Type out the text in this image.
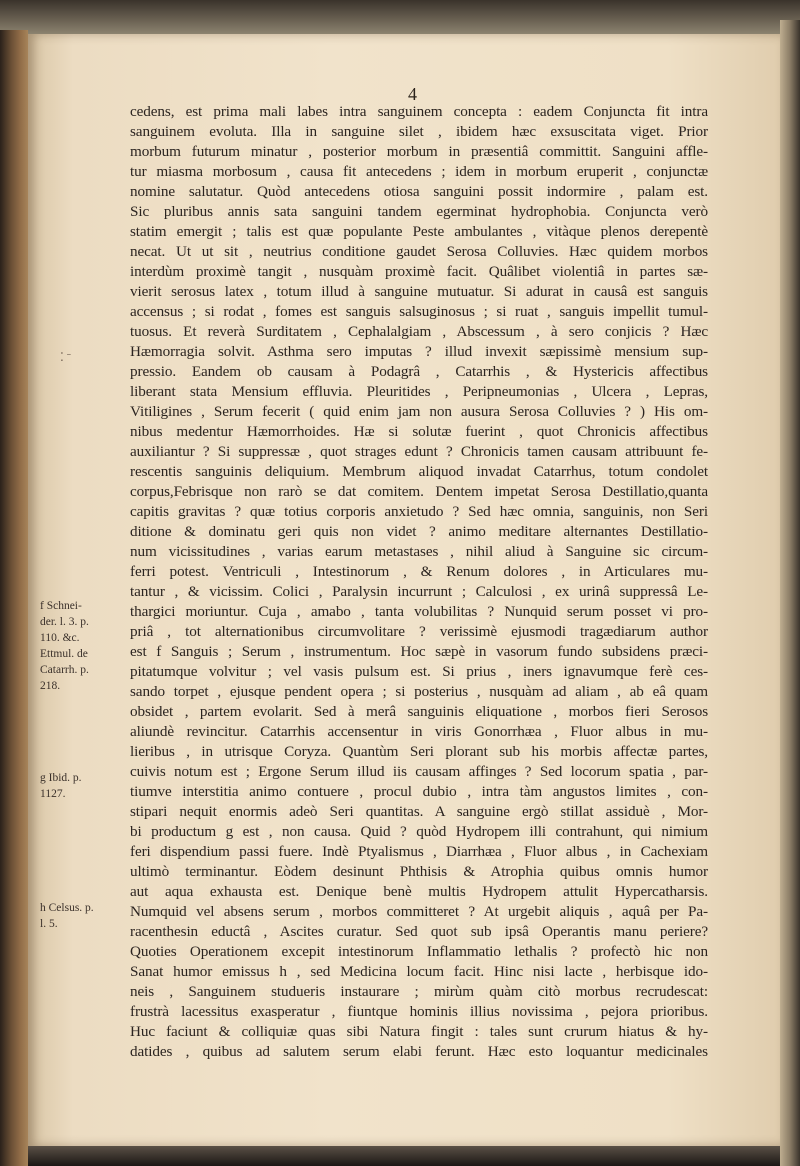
4
cedens, est prima mali labes intra sanguinem concepta : eadem Conjuncta fit intra
sanguinem evoluta. Illa in sanguine silet , ibidem hæc exsuscitata viget. Prior
morbum futurum minatur , posterior morbum in præsentiâ committit. Sanguini affle-
tur miasma morbosum , causa fit antecedens ; idem in morbum eruperit , conjunctæ
nomine salutatur. Quòd antecedens otiosa sanguini possit indormire , palam est.
Sic pluribus annis sata sanguini tandem egerminat hydrophobia. Conjuncta verò
statim emergit ; talis est quæ populante Peste ambulantes , vitàque plenos derepentè
necat. Ut ut sit , neutrius conditione gaudet Serosa Colluvies. Hæc quidem morbos
interdùm proximè tangit , nusquàm proximè facit. Quâlibet violentiâ in partes sæ-
vierit serosus latex , totum illud à sanguine mutuatur. Si adurat in causâ est sanguis
accensus ; si rodat , fomes est sanguis salsuginosus ; si ruat , sanguis impellit tumul-
tuosus. Et reverà Surditatem , Cephalalgiam , Abscessum , à sero conjicis ? Hæc
Hæmorragia solvit. Asthma sero imputas ? illud invexit sæpissimè mensium sup-
pressio. Eandem ob causam à Podagrâ , Catarrhis , & Hystericis affectibus
liberant stata Mensium effluvia. Pleuritides , Peripneumonias , Ulcera , Lepras,
Vitiligines , Serum fecerit ( quid enim jam non ausura Serosa Colluvies ? ) His om-
nibus medentur Hæmorrhoides. Hæ si solutæ fuerint , quot Chronicis affectibus
auxiliantur ? Si suppressæ , quot strages edunt ? Chronicis tamen causam attribuunt fe-
rescentis sanguinis deliquium. Membrum aliquod invadat Catarrhus, totum condolet
corpus,Febrisque non rarò se dat comitem. Dentem impetat Serosa Destillatio,quanta
capitis gravitas ? quæ totius corporis anxietudo ? Sed hæc omnia, sanguinis, non Seri
ditione & dominatu geri quis non videt ? animo meditare alternantes Destillatio-
num vicissitudines , varias earum metastases , nihil aliud à Sanguine sic circum-
ferri potest. Ventriculi , Intestinorum , & Renum dolores , in Articulares mu-
tantur , & vicissim. Colici , Paralysin incurrunt ; Calculosi , ex urinâ suppressâ Le-
thargici moriuntur. Cuja , amabo , tanta volubilitas ? Nunquid serum posset vi pro-
priâ , tot alternationibus circumvolitare ? verissimè ejusmodi tragædiarum author
est f Sanguis ; Serum , instrumentum. Hoc sæpè in vasorum fundo subsidens præci-
pitatumque volvitur ; vel vasis pulsum est. Si prius , iners ignavumque ferè ces-
sando torpet , ejusque pendent opera ; si posterius , nusquàm ad aliam , ab eâ quam
obsidet , partem evolarit. Sed à merâ sanguinis eliquatione , morbos fieri Serosos
aliundè revincitur. Catarrhis accensentur in viris Gonorrhæa , Fluor albus in mu-
lieribus , in utrisque Coryza. Quantùm Seri plorant sub his morbis affectæ partes,
cuivis notum est ; Ergone Serum illud iis causam affinges ? Sed locorum spatia , par-
tiumve interstitia animo contuere , procul dubio , intra tàm angustos limites , con-
stipari nequit enormis adeò Seri quantitas. A sanguine ergò stillat assiduè , Mor-
bi productum g est , non causa. Quid ? quòd Hydropem illi contrahunt, qui nimium
feri dispendium passi fuere. Indè Ptyalismus , Diarrhæa , Fluor albus , in Cachexiam
ultimò terminantur. Eòdem desinunt Phthisis & Atrophia quibus omnis humor
aut aqua exhausta est. Denique benè multis Hydropem attulit Hypercatharsis.
Numquid vel absens serum , morbos committeret ? At urgebit aliquis , aquâ per Pa-
racenthesin eductâ , Ascites curatur. Sed quot sub ipsâ Operantis manu periere?
Quoties Operationem excepit intestinorum Inflammatio lethalis ? profectò hic non
Sanat humor emissus h , sed Medicina locum facit. Hinc nisi lacte , herbisque ido-
neis , Sanguinem studueris instaurare ; mirùm quàm citò morbus recrudescat:
frustrà lacessitus exasperatur , fiuntque hominis illius novissima , pejora prioribus.
Huc faciunt & colliquiæ quas sibi Natura fingit : tales sunt crurum hiatus & hy-
datides , quibus ad salutem serum elabi ferunt. Hæc esto loquantur medicinales
⁚ ˉ
f Schnei-
der. l. 3. p.
110. &c.
Ettmul. de
Catarrh. p.
218.
g Ibid. p.
1127.
h Celsus. p.
l. 5.
